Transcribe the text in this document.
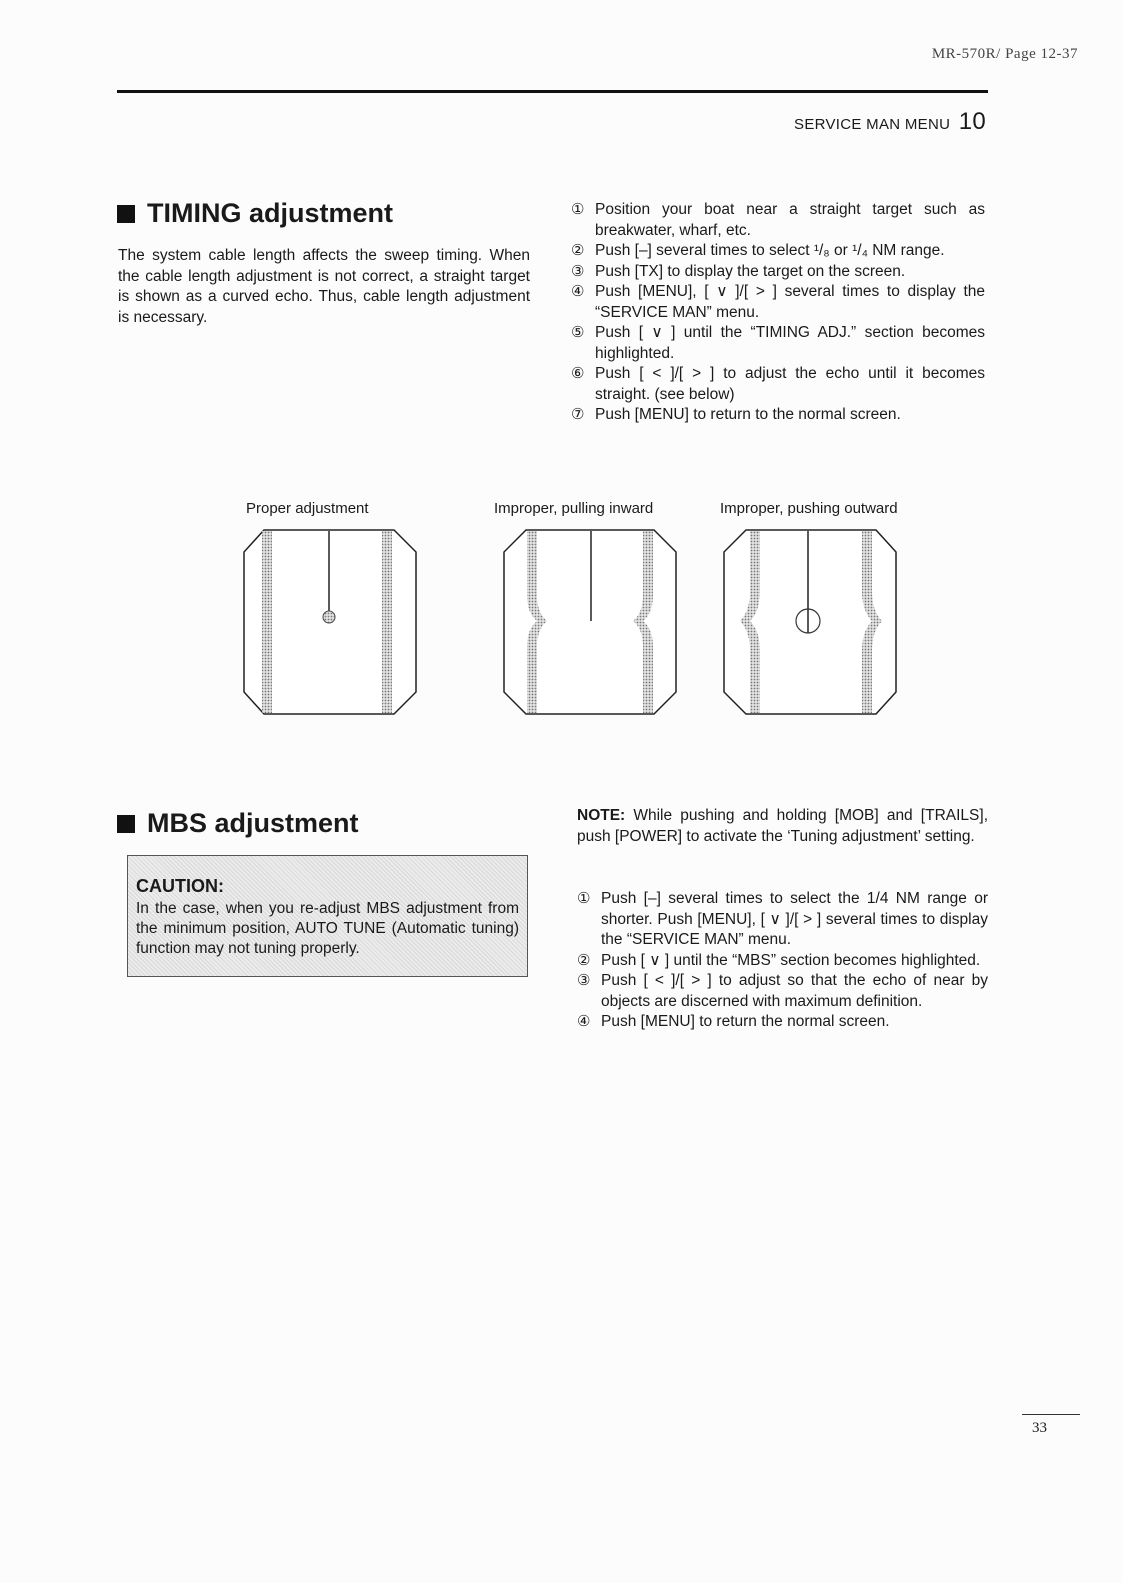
MR-570R/ Page 12-37
SERVICE MAN MENU 10
TIMING adjustment
The system cable length affects the sweep timing. When the cable length adjustment is not correct, a straight target is shown as a curved echo. Thus, cable length adjustment is necessary.
① Position your boat near a straight target such as breakwater, wharf, etc.
② Push [–] several times to select ¹/₈ or ¹/₄ NM range.
③ Push [TX] to display the target on the screen.
④ Push [MENU], [ ∨ ]/[ > ] several times to display the “SERVICE MAN” menu.
⑤ Push [ ∨ ] until the “TIMING ADJ.” section becomes highlighted.
⑥ Push [ < ]/[ > ] to adjust the echo until it becomes straight. (see below)
⑦ Push [MENU] to return to the normal screen.
Proper adjustment	Improper, pulling inward	Improper, pushing outward
MBS adjustment
CAUTION:
In the case, when you re-adjust MBS adjustment from the minimum position, AUTO TUNE (Automatic tuning) function may not tuning properly.
NOTE: While pushing and holding [MOB] and [TRAILS], push [POWER] to activate the ‘Tuning adjustment’ setting.
① Push [–] several times to select the 1/4 NM range or shorter. Push [MENU], [ ∨ ]/[ > ] several times to display the “SERVICE MAN” menu.
② Push [ ∨ ] until the “MBS” section becomes highlighted.
③ Push [ < ]/[ > ] to adjust so that the echo of near by objects are discerned with maximum definition.
④ Push [MENU] to return the normal screen.
33
